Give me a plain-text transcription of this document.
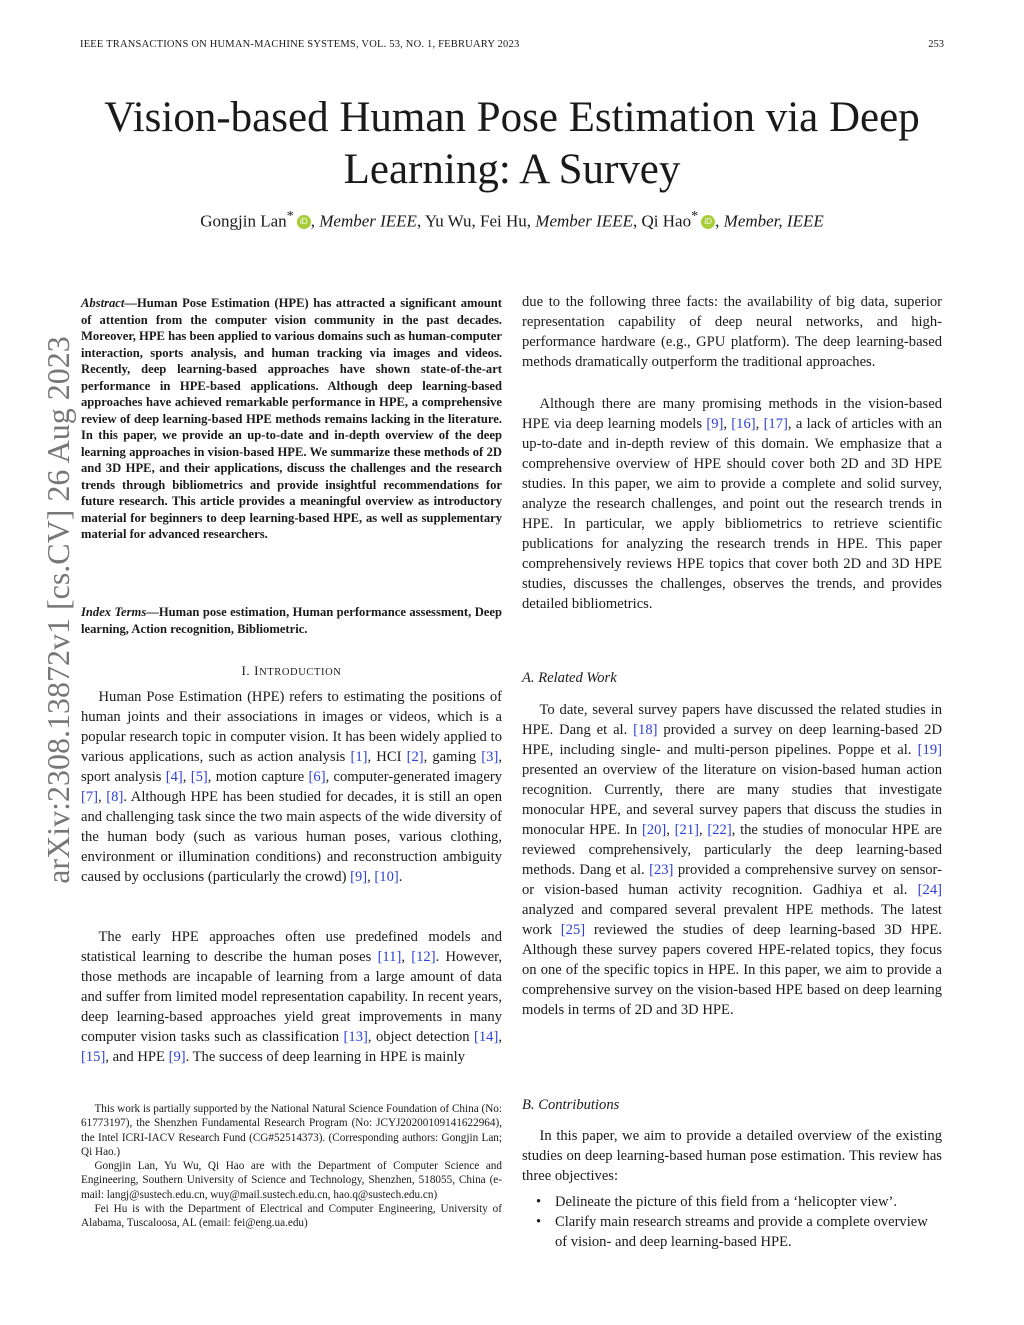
IEEE TRANSACTIONS ON HUMAN-MACHINE SYSTEMS, VOL. 53, NO. 1, FEBRUARY 2023	253
arXiv:2308.13872v1 [cs.CV] 26 Aug 2023
Vision-based Human Pose Estimation via Deep Learning: A Survey
Gongjin Lan* iD , Member IEEE, Yu Wu, Fei Hu, Member IEEE, Qi Hao* iD , Member, IEEE

Abstract—Human Pose Estimation (HPE) has attracted a significant amount of attention from the computer vision community in the past decades. Moreover, HPE has been applied to various domains such as human-computer interaction, sports analysis, and human tracking via images and videos. Recently, deep learning-based approaches have shown state-of-the-art performance in HPE-based applications. Although deep learning-based approaches have achieved remarkable performance in HPE, a comprehensive review of deep learning-based HPE methods remains lacking in the literature. In this paper, we provide an up-to-date and in-depth overview of the deep learning approaches in vision-based HPE. We summarize these methods of 2D and 3D HPE, and their applications, discuss the challenges and the research trends through bibliometrics and provide insightful recommendations for future research. This article provides a meaningful overview as introductory material for beginners to deep learning-based HPE, as well as supplementary material for advanced researchers.

Index Terms—Human pose estimation, Human performance assessment, Deep learning, Action recognition, Bibliometric.

I. INTRODUCTION

Human Pose Estimation (HPE) refers to estimating the positions of human joints and their associations in images or videos, which is a popular research topic in computer vision. It has been widely applied to various applications, such as action analysis [1], HCI [2], gaming [3], sport analysis [4], [5], motion capture [6], computer-generated imagery [7], [8]. Although HPE has been studied for decades, it is still an open and challenging task since the two main aspects of the wide diversity of the human body (such as various human poses, various clothing, environment or illumination conditions) and reconstruction ambiguity caused by occlusions (particularly the crowd) [9], [10].

The early HPE approaches often use predefined models and statistical learning to describe the human poses [11], [12]. However, those methods are incapable of learning from a large amount of data and suffer from limited model representation capability. In recent years, deep learning-based approaches yield great improvements in many computer vision tasks such as classification [13], object detection [14], [15], and HPE [9]. The success of deep learning in HPE is mainly

This work is partially supported by the National Natural Science Foundation of China (No: 61773197), the Shenzhen Fundamental Research Program (No: JCYJ20200109141622964), the Intel ICRI-IACV Research Fund (CG#52514373). (Corresponding authors: Gongjin Lan; Qi Hao.)

Gongjin Lan, Yu Wu, Qi Hao are with the Department of Computer Science and Engineering, Southern University of Science and Technology, Shenzhen, 518055, China (e-mail: langj@sustech.edu.cn, wuy@mail.sustech.edu.cn, hao.q@sustech.edu.cn)

Fei Hu is with the Department of Electrical and Computer Engineering, University of Alabama, Tuscaloosa, AL (email: fei@eng.ua.edu)

due to the following three facts: the availability of big data, superior representation capability of deep neural networks, and high-performance hardware (e.g., GPU platform). The deep learning-based methods dramatically outperform the traditional approaches.

Although there are many promising methods in the vision-based HPE via deep learning models [9], [16], [17], a lack of articles with an up-to-date and in-depth review of this domain. We emphasize that a comprehensive overview of HPE should cover both 2D and 3D HPE studies. In this paper, we aim to provide a complete and solid survey, analyze the research challenges, and point out the research trends in HPE. In particular, we apply bibliometrics to retrieve scientific publications for analyzing the research trends in HPE. This paper comprehensively reviews HPE topics that cover both 2D and 3D HPE studies, discusses the challenges, observes the trends, and provides detailed bibliometrics.

A. Related Work

To date, several survey papers have discussed the related studies in HPE. Dang et al. [18] provided a survey on deep learning-based 2D HPE, including single- and multi-person pipelines. Poppe et al. [19] presented an overview of the literature on vision-based human action recognition. Currently, there are many studies that investigate monocular HPE, and several survey papers that discuss the studies in monocular HPE. In [20], [21], [22], the studies of monocular HPE are reviewed comprehensively, particularly the deep learning-based methods. Dang et al. [23] provided a comprehensive survey on sensor- or vision-based human activity recognition. Gadhiya et al. [24] analyzed and compared several prevalent HPE methods. The latest work [25] reviewed the studies of deep learning-based 3D HPE. Although these survey papers covered HPE-related topics, they focus on one of the specific topics in HPE. In this paper, we aim to provide a comprehensive survey on the vision-based HPE based on deep learning models in terms of 2D and 3D HPE.

B. Contributions

In this paper, we aim to provide a detailed overview of the existing studies on deep learning-based human pose estimation. This review has three objectives:

• Delineate the picture of this field from a ‘helicopter view’.
• Clarify main research streams and provide a complete overview of vision- and deep learning-based HPE.
